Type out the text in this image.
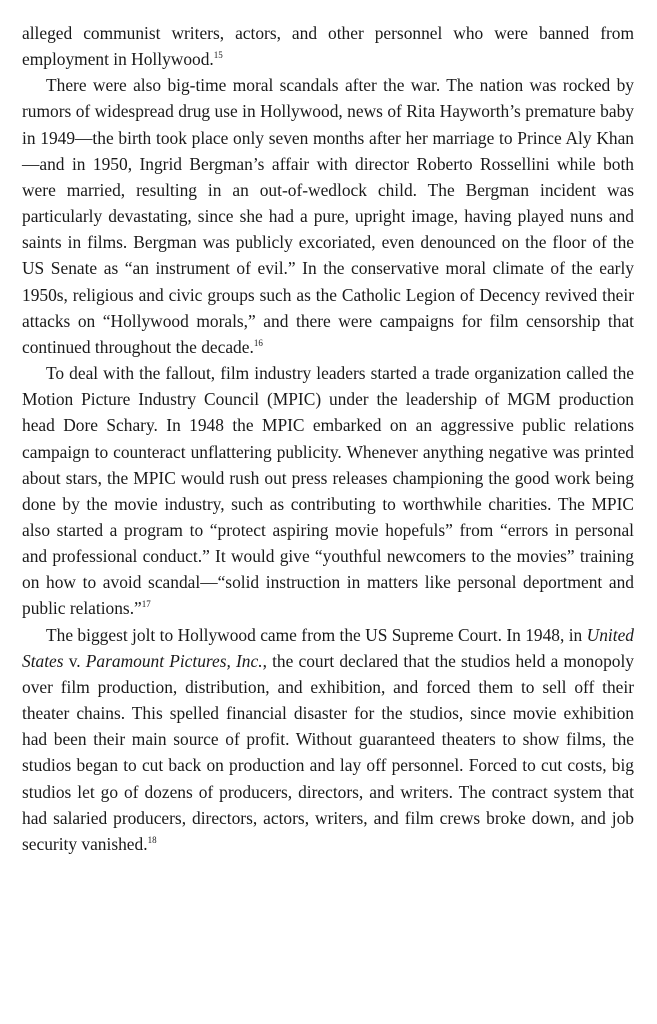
alleged communist writers, actors, and other personnel who were banned from employment in Hollywood.$^{15}$

There were also big-time moral scandals after the war. The nation was rocked by rumors of widespread drug use in Hollywood, news of Rita Hayworth’s premature baby in 1949—the birth took place only seven months after her marriage to Prince Aly Khan—and in 1950, Ingrid Bergman’s affair with director Roberto Rossellini while both were married, resulting in an out-of-wedlock child. The Bergman incident was particularly devastating, since she had a pure, upright image, having played nuns and saints in films. Bergman was publicly excoriated, even denounced on the floor of the US Senate as “an instrument of evil.” In the conservative moral climate of the early 1950s, religious and civic groups such as the Catholic Legion of Decency revived their attacks on “Hollywood morals,” and there were campaigns for film censorship that continued throughout the decade.$^{16}$

To deal with the fallout, film industry leaders started a trade organization called the Motion Picture Industry Council (MPIC) under the leadership of MGM production head Dore Schary. In 1948 the MPIC embarked on an aggressive public relations campaign to counteract unflattering publicity. Whenever anything negative was printed about stars, the MPIC would rush out press releases championing the good work being done by the movie industry, such as contributing to worthwhile charities. The MPIC also started a program to “protect aspiring movie hopefuls” from “errors in personal and professional conduct.” It would give “youthful newcomers to the movies” training on how to avoid scandal—“solid instruction in matters like personal deportment and public relations.”$^{17}$

The biggest jolt to Hollywood came from the US Supreme Court. In 1948, in United States v. Paramount Pictures, Inc., the court declared that the studios held a monopoly over film production, distribution, and exhibition, and forced them to sell off their theater chains. This spelled financial disaster for the studios, since movie exhibition had been their main source of profit. Without guaranteed theaters to show films, the studios began to cut back on production and lay off personnel. Forced to cut costs, big studios let go of dozens of producers, directors, and writers. The contract system that had salaried producers, directors, actors, writers, and film crews broke down, and job security vanished.$^{18}$
